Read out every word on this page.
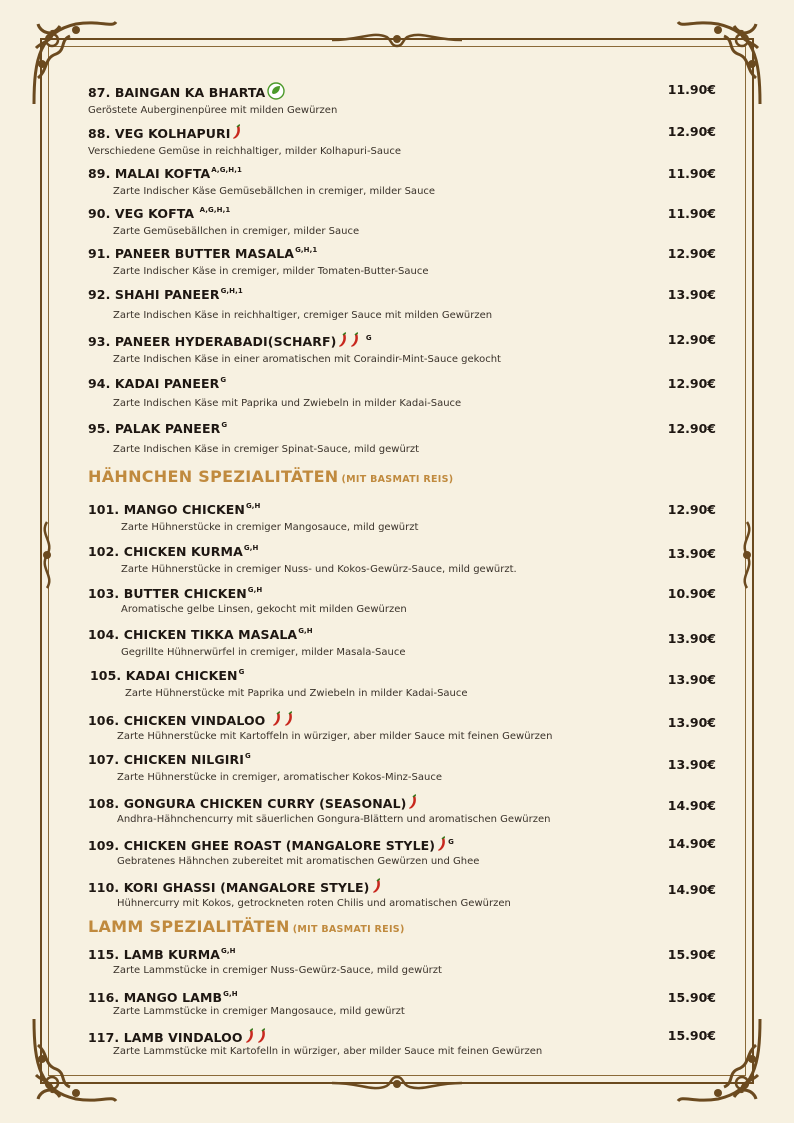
87. BAINGAN KA BHARTA
Geröstete Auberginenpüree mit milden Gewürzen
11.90€
88. VEG KOLHAPURI
Verschiedene Gemüse in reichhaltiger, milder Kolhapuri-Sauce
12.90€
89. MALAI $KOFTA^{A,G,H,1}$
Zarte Indischer Käse Gemüsebällchen in cremiger, milder Sauce
11.90€
90. VEG KOFTA $^{A,G,H,1}$
Zarte Gemüsebällchen in cremiger, milder Sauce
11.90€
91. PANEER BUTTER $MASALA^{G,H,1}$
Zarte Indischer Käse in cremiger, milder Tomaten-Butter-Sauce
12.90€
92. SHAHI $PANEER^{G,H,1}$
Zarte Indischen Käse in reichhaltiger, cremiger Sauce mit milden Gewürzen
13.90€
93. PANEER HYDERABADI(SCHARF)	$^G$
Zarte Indischen Käse in einer aromatischen mit Coraindir-Mint-Sauce gekocht
12.90€
94. KADAI $PANEER^G$
Zarte Indischen Käse mit Paprika und Zwiebeln in milder Kadai-Sauce
12.90€
95. PALAK $PANEER^G$
Zarte Indischen Käse in cremiger Spinat-Sauce, mild gewürzt
12.90€
HÄHNCHEN SPEZIALITÄTEN (MIT BASMATI REIS)
101. MANGO $CHICKEN^{G,H}$
Zarte Hühnerstücke in cremiger Mangosauce, mild gewürzt
12.90€
102. CHICKEN $KURMA^{G,H}$
Zarte Hühnerstücke in cremiger Nuss- und Kokos-Gewürz-Sauce, mild gewürzt.
13.90€
103. BUTTER $CHICKEN^{G,H}$
Aromatische gelbe Linsen, gekocht mit milden Gewürzen
10.90€
104. CHICKEN TIKKA $MASALA^{G,H}$
Gegrillte Hühnerwürfel in cremiger, milder Masala-Sauce
13.90€
105. KADAI $CHICKEN^G$
Zarte Hühnerstücke mit Paprika und Zwiebeln in milder Kadai-Sauce
13.90€
106. CHICKEN VINDALOO
Zarte Hühnerstücke mit Kartoffeln in würziger, aber milder Sauce mit feinen Gewürzen
13.90€
107. CHICKEN $NILGIRI^G$
Zarte Hühnerstücke in cremiger, aromatischer Kokos-Minz-Sauce
13.90€
108. GONGURA CHICKEN CURRY (SEASONAL)
Andhra-Hähnchencurry mit säuerlichen Gongura-Blättern und aromatischen Gewürzen
14.90€
109. CHICKEN GHEE ROAST (MANGALORE STYLE) $^G$
Gebratenes Hähnchen zubereitet mit aromatischen Gewürzen und Ghee
14.90€
110. KORI GHASSI (MANGALORE STYLE)
Hühnercurry mit Kokos, getrockneten roten Chilis und aromatischen Gewürzen
14.90€
LAMM SPEZIALITÄTEN (MIT BASMATI REIS)
115. LAMB $KURMA^{G,H}$
Zarte Lammstücke in cremiger Nuss-Gewürz-Sauce, mild gewürzt
15.90€
116. MANGO $LAMB^{G,H}$
Zarte Lammstücke in cremiger Mangosauce, mild gewürzt
15.90€
117. LAMB VINDALOO
Zarte Lammstücke mit Kartofelln in würziger, aber milder Sauce mit feinen Gewürzen
15.90€
